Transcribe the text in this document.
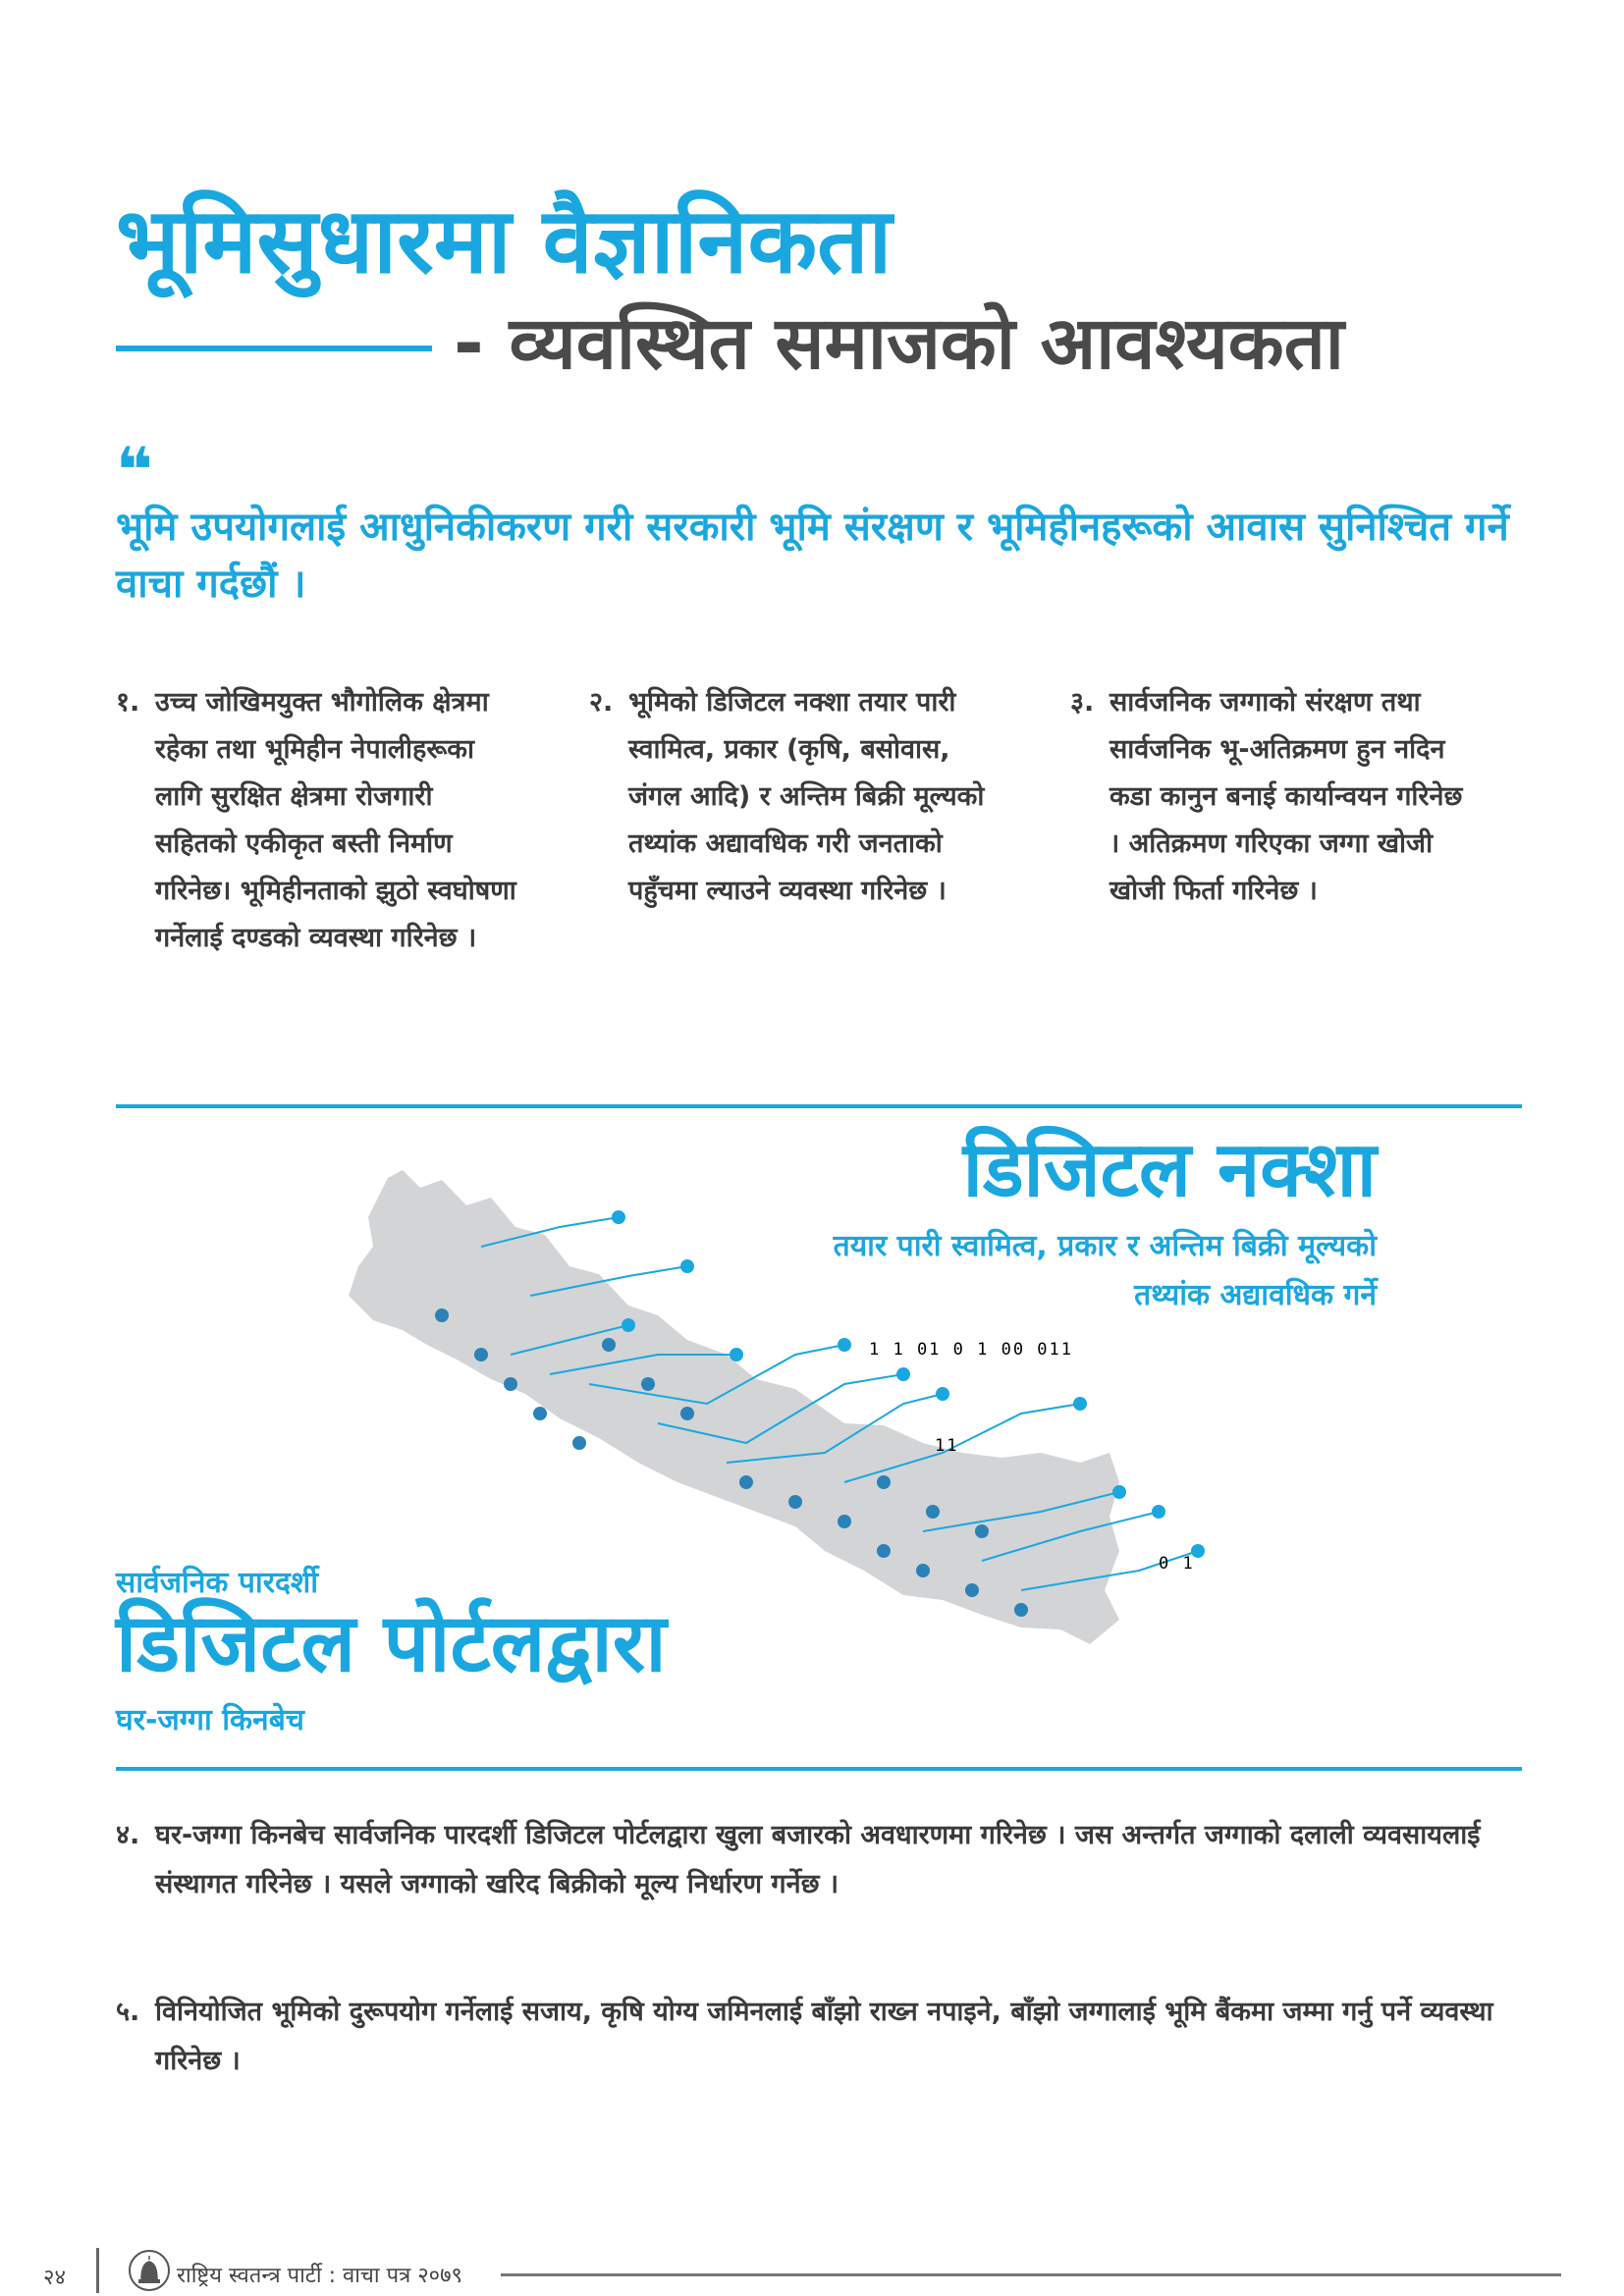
भूमिसुधारमा वैज्ञानिकता
- व्यवस्थित समाजको आवश्यकता
❝
भूमि उपयोगलाई आधुनिकीकरण गरी सरकारी भूमि संरक्षण र भूमिहीनहरूको आवास सुनिश्चित गर्ने वाचा गर्दछौं ।
१. उच्च जोखिमयुक्त भौगोलिक क्षेत्रमा रहेका तथा भूमिहीन नेपालीहरूका लागि सुरक्षित क्षेत्रमा रोजगारी सहितको एकीकृत बस्ती निर्माण गरिनेछ। भूमिहीनताको झुठो स्वघोषणा गर्नेलाई दण्डको व्यवस्था गरिनेछ ।
२. भूमिको डिजिटल नक्शा तयार पारी स्वामित्व, प्रकार (कृषि, बसोवास, जंगल आदि) र अन्तिम बिक्री मूल्यको तथ्यांक अद्यावधिक गरी जनताको पहुँचमा ल्याउने व्यवस्था गरिनेछ ।
३. सार्वजनिक जग्गाको संरक्षण तथा सार्वजनिक भू-अतिक्रमण हुन नदिन कडा कानुन बनाई कार्यान्वयन गरिनेछ । अतिक्रमण गरिएका जग्गा खोजी खोजी फिर्ता गरिनेछ ।
1 1 01 0 1 00 011
11
0 1
डिजिटल नक्शा
तयार पारी स्वामित्व, प्रकार र अन्तिम बिक्री मूल्यको तथ्यांक अद्यावधिक गर्ने
सार्वजनिक पारदर्शी
डिजिटल पोर्टलद्वारा
घर-जग्गा किनबेच
४. घर-जग्गा किनबेच सार्वजनिक पारदर्शी डिजिटल पोर्टलद्वारा खुला बजारको अवधारणमा गरिनेछ । जस अन्तर्गत जग्गाको दलाली व्यवसायलाई संस्थागत गरिनेछ । यसले जग्गाको खरिद बिक्रीको मूल्य निर्धारण गर्नेछ ।
५. विनियोजित भूमिको दुरूपयोग गर्नेलाई सजाय, कृषि योग्य जमिनलाई बाँझो राख्न नपाइने, बाँझो जग्गालाई भूमि बैंकमा जम्मा गर्नु पर्ने व्यवस्था गरिनेछ ।
२४	राष्ट्रिय स्वतन्त्र पार्टी : वाचा पत्र २०७९
